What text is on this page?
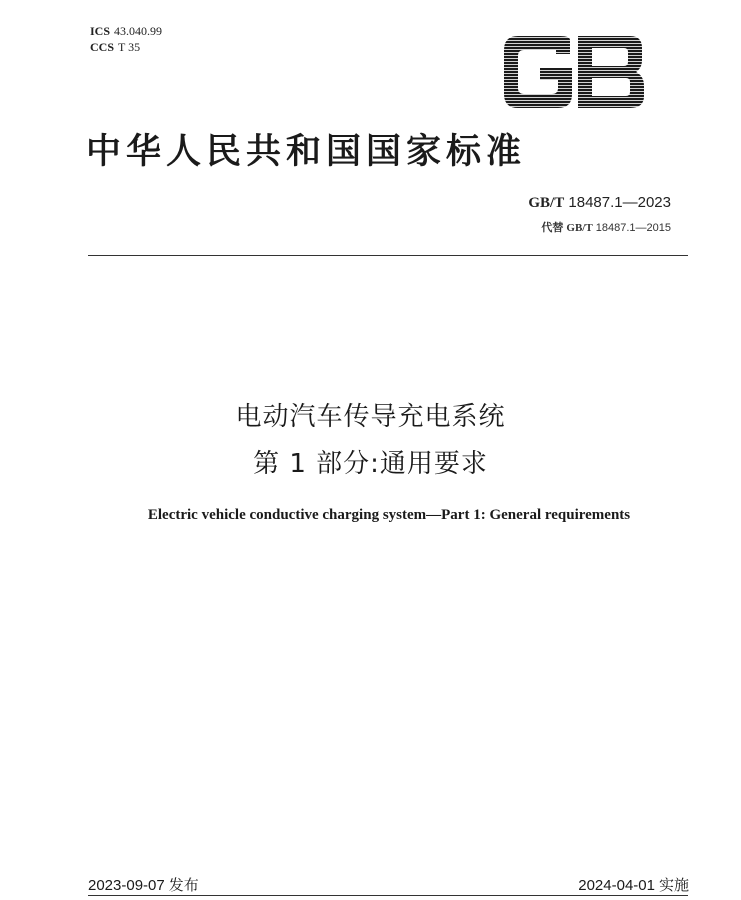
ICS 43.040.99
CCS T 35
中华人民共和国国家标准
GB/T 18487.1—2023
代替 GB/T 18487.1—2015
电动汽车传导充电系统
第 1 部分:通用要求
Electric vehicle conductive charging system—Part 1: General requirements
2023-09-07 发布	2024-04-01 实施
